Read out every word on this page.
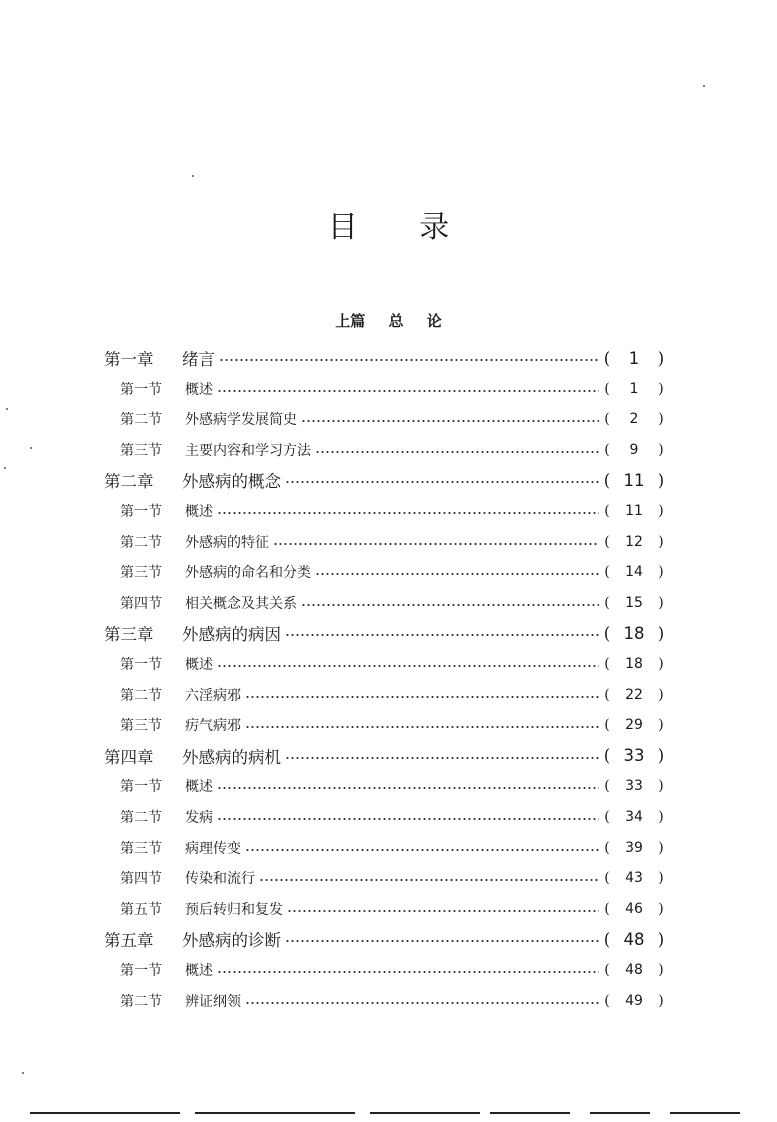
目 录
上篇 总 论
第一章 绪言	(	1	)
第一节 概述	(	1	)
第二节 外感病学发展简史	(	2	)
第三节 主要内容和学习方法	(	9	)
第二章 外感病的概念	( 11 )
第一节 概述	(	11	)
第二节 外感病的特征	(	12	)
第三节 外感病的命名和分类	(	14	)
第四节 相关概念及其关系	(	15	)
第三章 外感病的病因	( 18 )
第一节 概述	(	18	)
第二节 六淫病邪	(	22	)
第三节 疠气病邪	(	29	)
第四章 外感病的病机	( 33 )
第一节 概述	(	33	)
第二节 发病	(	34	)
第三节 病理传变	(	39	)
第四节 传染和流行	(	43	)
第五节 预后转归和复发	(	46	)
第五章 外感病的诊断	( 48 )
第一节 概述	(	48	)
第二节 辨证纲领	(	49	)
